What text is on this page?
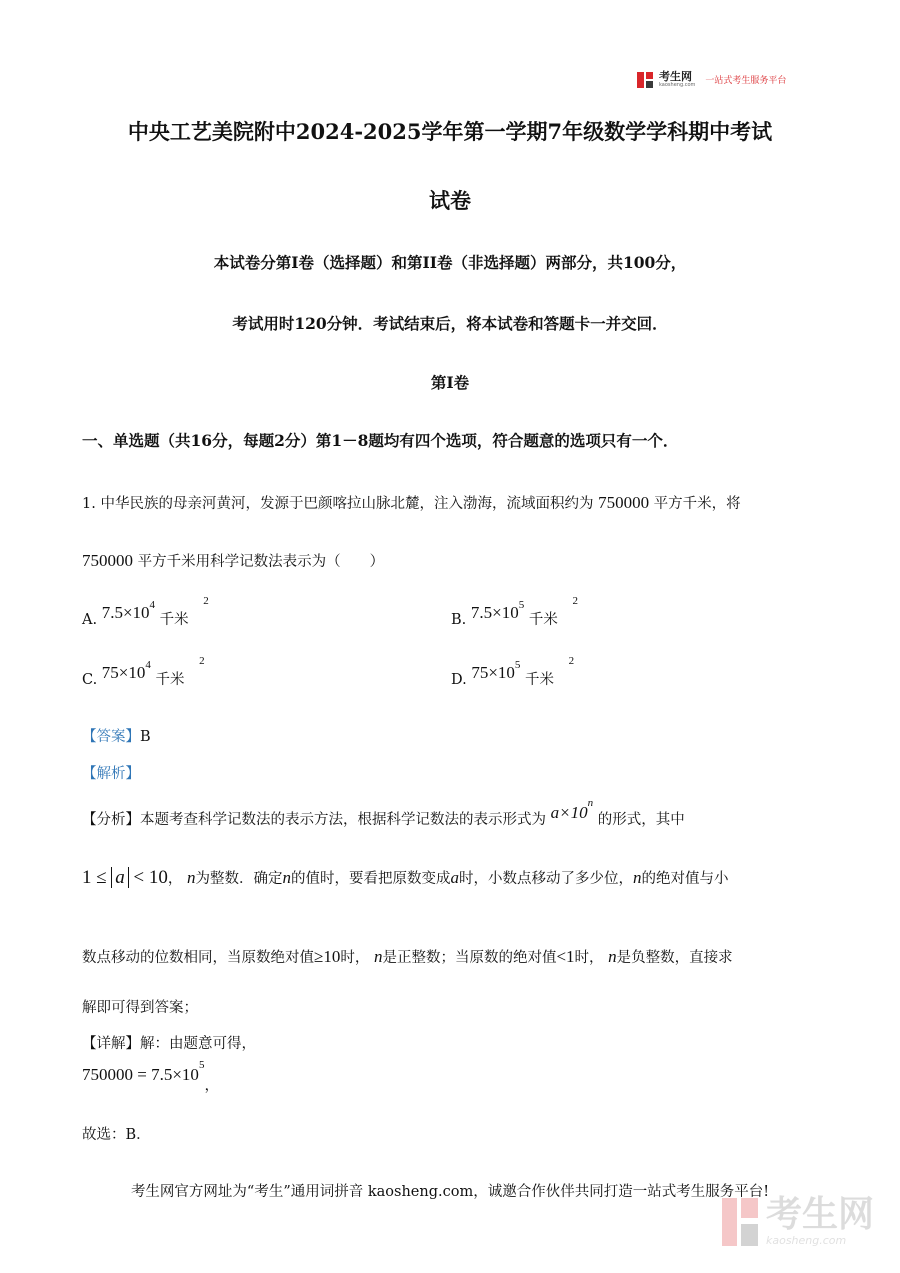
考生网
kaosheng.com 一站式考生服务平台
中央工艺美院附中2024-2025学年第一学期7年级数学学科期中考试
试卷
本试卷分第I卷（选择题）和第II卷（非选择题）两部分，共100分，
考试用时120分钟．考试结束后，将本试卷和答题卡一并交回．
第I卷
一、单选题（共16分，每题2分）第1－8题均有四个选项，符合题意的选项只有一个．
1. 中华民族的母亲河黄河，发源于巴颜喀拉山脉北麓，注入渤海，流域面积约为 750000 平方千米，将
750000 平方千米用科学记数法表示为（　　）
A. $7.5\times 10^4$ 千米 $^2$
B. $7.5\times 10^5$ 千米 $^2$
C. $75\times 10^4$ 千米 $^2$
D. $75\times 10^5$ 千米 $^2$
【答案】B
【解析】
【分析】本题考查科学记数法的表示方法，根据科学记数法的表示形式为 $a\times 10^n$ 的形式，其中
1 ≤ a < 10， n为整数．确定n的值时，要看把原数变成a时，小数点移动了多少位，n的绝对值与小
数点移动的位数相同，当原数绝对值≥10时， n是正整数；当原数的绝对值<1时， n是负整数，直接求
解即可得到答案；
【详解】解：由题意可得，
$750000 = 7.5\times 10^5$，
故选：B．
考生网官方网址为“考生”通用词拼音 kaosheng.com，诚邀合作伙伴共同打造一站式考生服务平台!
考生网
kaosheng.com
